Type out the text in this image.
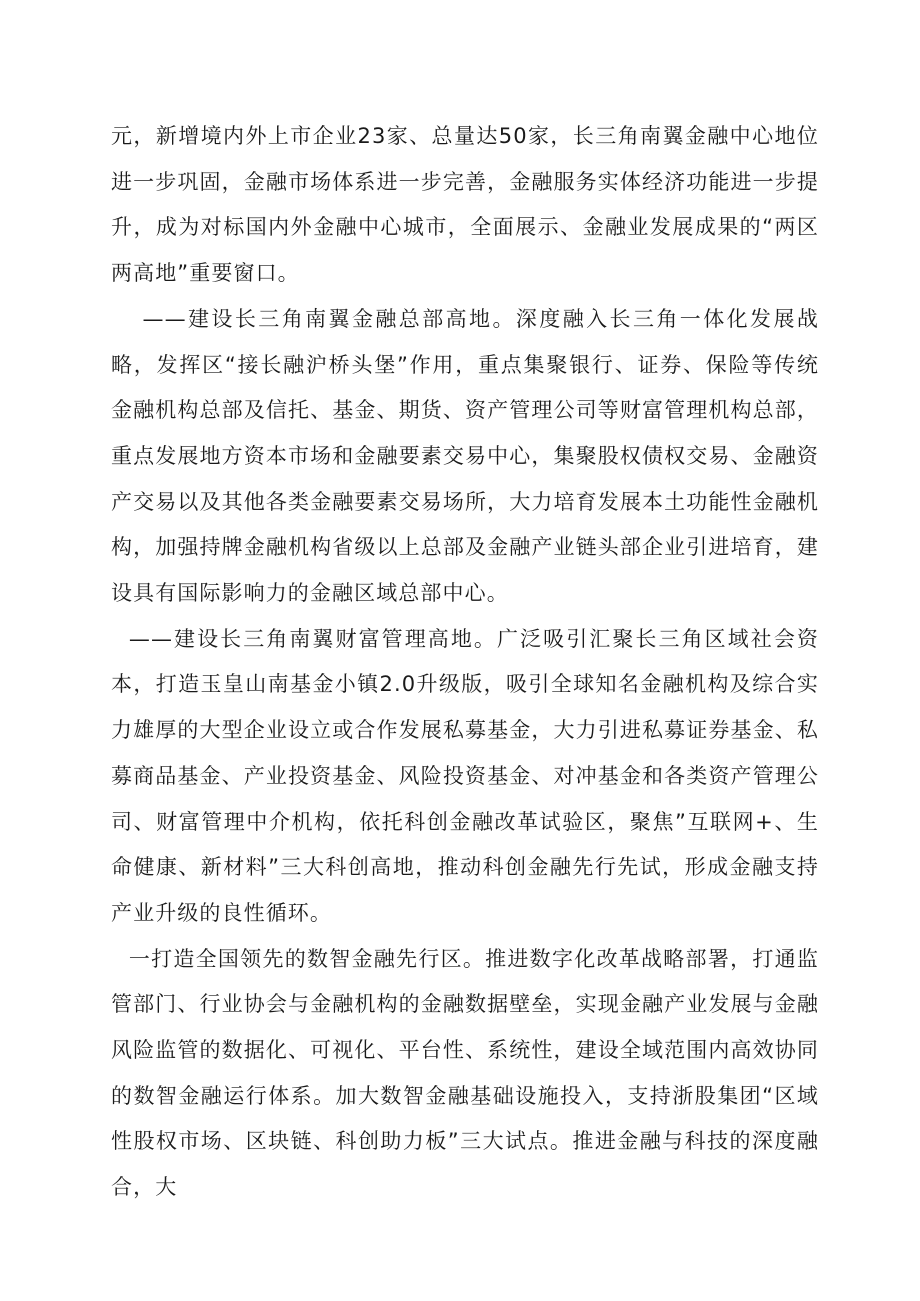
元，新增境内外上市企业23家、总量达50家，长三角南翼金融中心地位进一步巩固，金融市场体系进一步完善，金融服务实体经济功能进一步提升，成为对标国内外金融中心城市，全面展示、金融业发展成果的“两区两高地”重要窗口。

——建设长三角南翼金融总部高地。深度融入长三角一体化发展战略，发挥区“接长融沪桥头堡”作用，重点集聚银行、证券、保险等传统金融机构总部及信托、基金、期货、资产管理公司等财富管理机构总部，重点发展地方资本市场和金融要素交易中心，集聚股权债权交易、金融资产交易以及其他各类金融要素交易场所，大力培育发展本土功能性金融机构，加强持牌金融机构省级以上总部及金融产业链头部企业引进培育，建设具有国际影响力的金融区域总部中心。

——建设长三角南翼财富管理高地。广泛吸引汇聚长三角区域社会资本，打造玉皇山南基金小镇2.0升级版，吸引全球知名金融机构及综合实力雄厚的大型企业设立或合作发展私募基金，大力引进私募证券基金、私募商品基金、产业投资基金、风险投资基金、对冲基金和各类资产管理公司、财富管理中介机构，依托科创金融改革试验区，聚焦”互联网+、生命健康、新材料”三大科创高地，推动科创金融先行先试，形成金融支持产业升级的良性循环。

一打造全国领先的数智金融先行区。推进数字化改革战略部署，打通监管部门、行业协会与金融机构的金融数据壁垒，实现金融产业发展与金融风险监管的数据化、可视化、平台性、系统性，建设全域范围内高效协同的数智金融运行体系。加大数智金融基础设施投入，支持浙股集团“区域性股权市场、区块链、科创助力板”三大试点。推进金融与科技的深度融合，大
